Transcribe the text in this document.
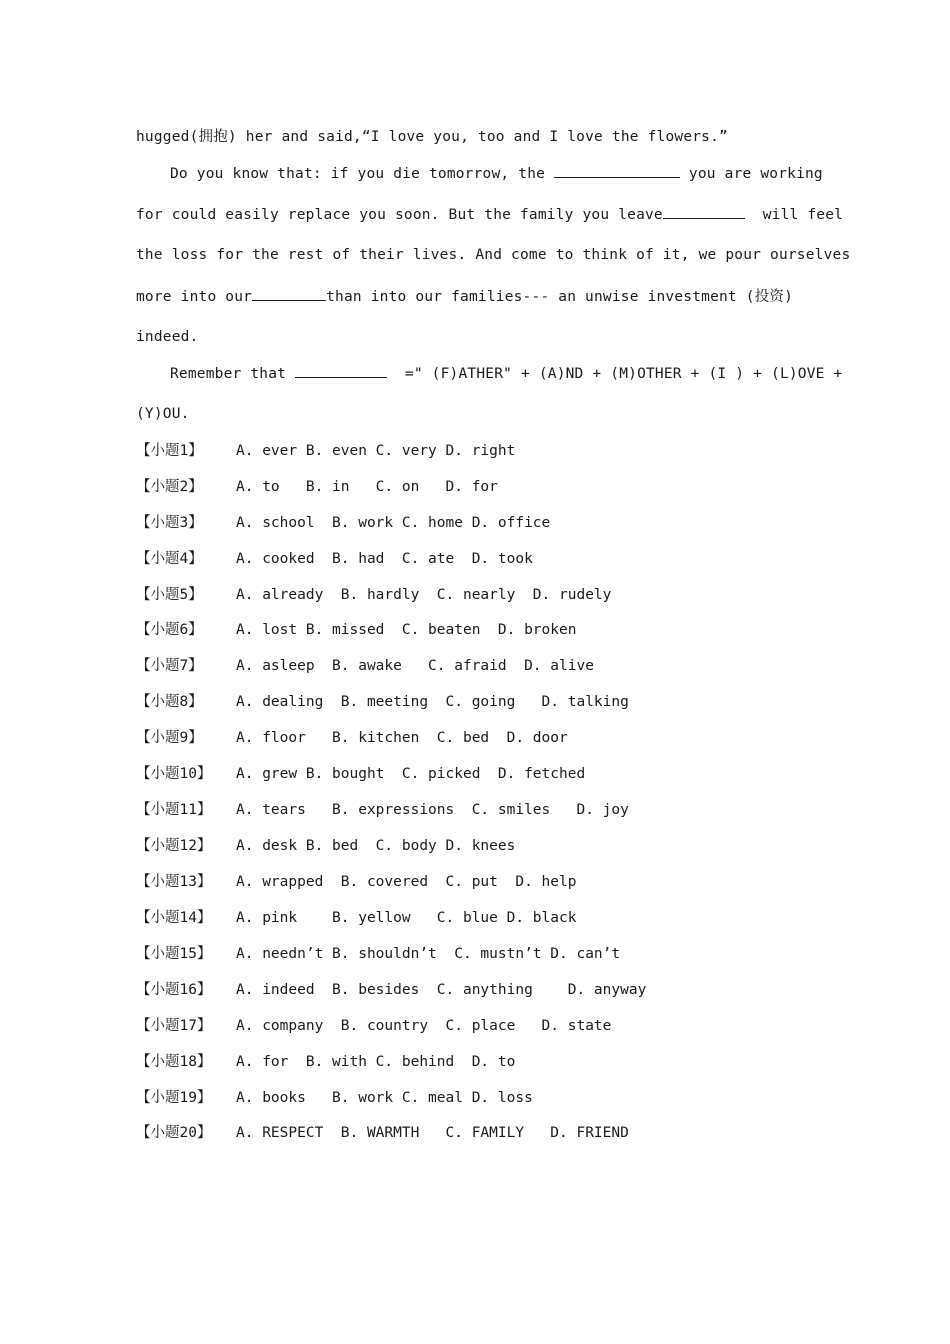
hugged(拥抱) her and said,“I love you, too and I love the flowers.”
Do you know that: if you die tomorrow, the	you are working
for could easily replace you soon. But the family you leave	will feel
the loss for the rest of their lives. And come to think of it, we pour ourselves
more into our	than into our families--- an unwise investment (投资)
indeed.
Remember that	=" (F)ATHER" + (A)ND + (M)OTHER + (I ) + (L)OVE +
(Y)OU.
【小题1】 A. ever B. even C. very D. right
【小题2】 A. to   B. in   C. on   D. for
【小题3】 A. school  B. work C. home D. office
【小题4】 A. cooked  B. had  C. ate  D. took
【小题5】 A. already  B. hardly  C. nearly  D. rudely
【小题6】 A. lost B. missed  C. beaten  D. broken
【小题7】 A. asleep  B. awake   C. afraid  D. alive
【小题8】 A. dealing  B. meeting  C. going   D. talking
【小题9】 A. floor   B. kitchen  C. bed  D. door
【小题10】 A. grew B. bought  C. picked  D. fetched
【小题11】 A. tears   B. expressions  C. smiles   D. joy
【小题12】 A. desk B. bed  C. body D. knees
【小题13】 A. wrapped  B. covered  C. put  D. help
【小题14】 A. pink    B. yellow   C. blue D. black
【小题15】 A. needn’t B. shouldn’t  C. mustn’t D. can’t
【小题16】 A. indeed  B. besides  C. anything    D. anyway
【小题17】 A. company  B. country  C. place   D. state
【小题18】 A. for  B. with C. behind  D. to
【小题19】 A. books   B. work C. meal D. loss
【小题20】 A. RESPECT  B. WARMTH   C. FAMILY   D. FRIEND
